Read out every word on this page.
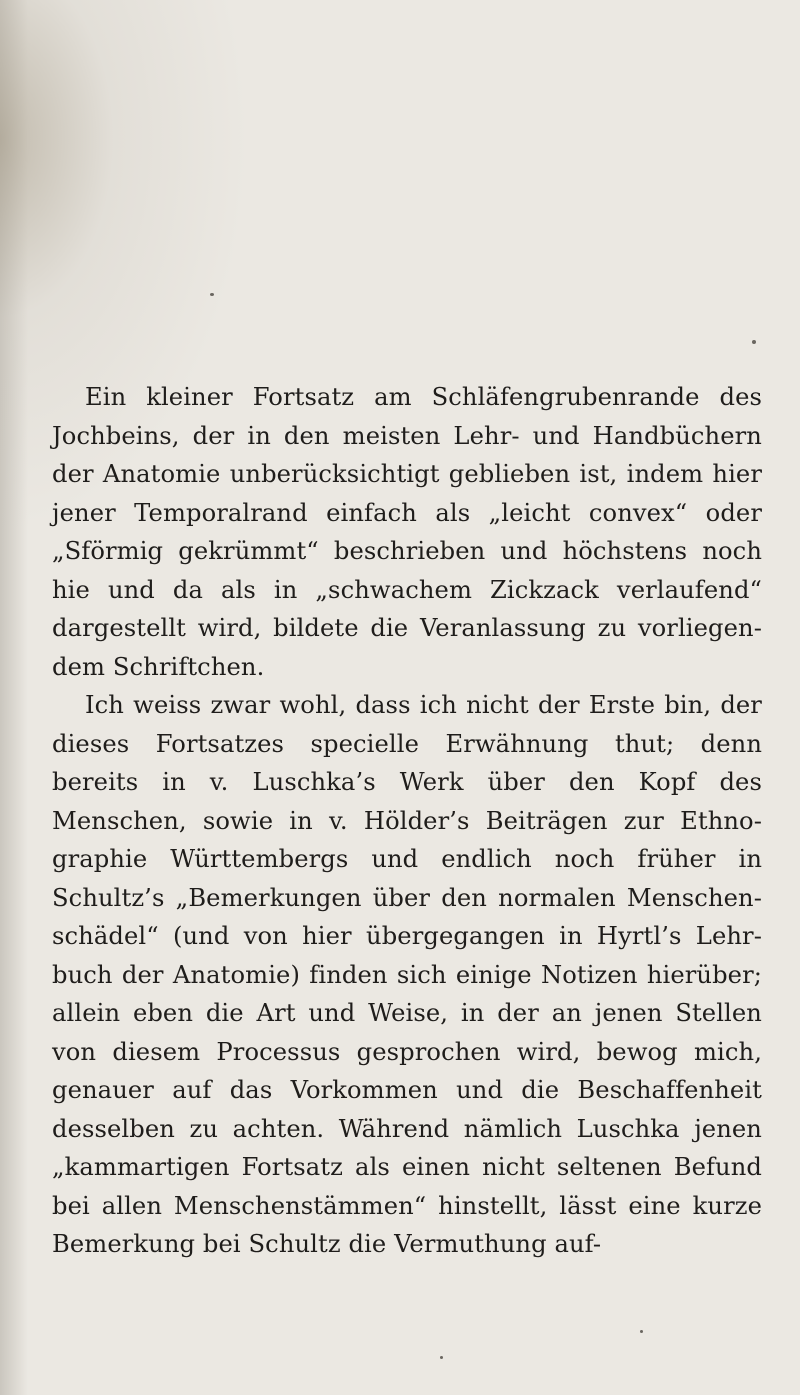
Ein kleiner Fortsatz am Schläfengrubenrande des Jochbeins, der in den meisten Lehr- und Handbüchern der Anatomie unberücksichtigt geblieben ist, indem hier jener Temporalrand einfach als „leicht convex“ oder „Sförmig gekrümmt“ beschrieben und höchstens noch hie und da als in „schwachem Zickzack verlaufend“ dargestellt wird, bildete die Veranlassung zu vorliegen- dem Schriftchen.

Ich weiss zwar wohl, dass ich nicht der Erste bin, der dieses Fortsatzes specielle Erwähnung thut; denn bereits in v. Luschka’s Werk über den Kopf des Menschen, sowie in v. Hölder’s Beiträgen zur Ethno- graphie Württembergs und endlich noch früher in Schultz’s „Bemerkungen über den normalen Menschen- schädel“ (und von hier übergegangen in Hyrtl’s Lehr- buch der Anatomie) finden sich einige Notizen hierüber; allein eben die Art und Weise, in der an jenen Stellen von diesem Processus gesprochen wird, bewog mich, genauer auf das Vorkommen und die Beschaffenheit desselben zu achten. Während nämlich Luschka jenen „kammartigen Fortsatz als einen nicht seltenen Befund bei allen Menschenstämmen“ hinstellt, lässt eine kurze Bemerkung bei Schultz die Vermuthung auf-
